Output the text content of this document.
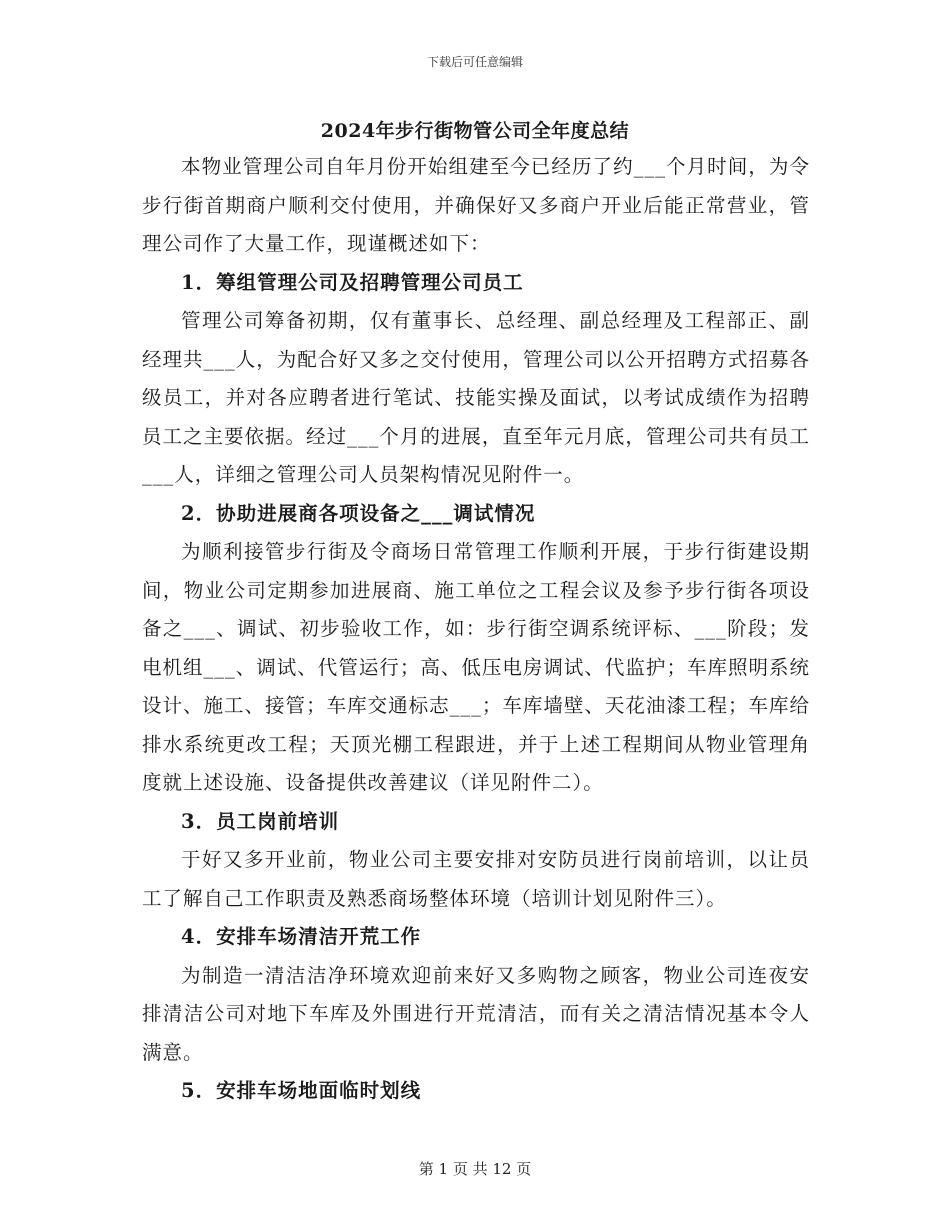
下载后可任意编辑
2024年步行街物管公司全年度总结

本物业管理公司自年月份开始组建至今已经历了约___个月时间，为令步行街首期商户顺利交付使用，并确保好又多商户开业后能正常营业，管理公司作了大量工作，现谨概述如下：

1．筹组管理公司及招聘管理公司员工

管理公司筹备初期，仅有董事长、总经理、副总经理及工程部正、副经理共___人，为配合好又多之交付使用，管理公司以公开招聘方式招募各级员工，并对各应聘者进行笔试、技能实操及面试，以考试成绩作为招聘员工之主要依据。经过___个月的进展，直至年元月底，管理公司共有员工___人，详细之管理公司人员架构情况见附件一。

2．协助进展商各项设备之___调试情况

为顺利接管步行街及令商场日常管理工作顺利开展，于步行街建设期间，物业公司定期参加进展商、施工单位之工程会议及参予步行街各项设备之___、调试、初步验收工作，如：步行街空调系统评标、___阶段；发电机组___、调试、代管运行；高、低压电房调试、代监护；车库照明系统设计、施工、接管；车库交通标志___；车库墙壁、天花油漆工程；车库给排水系统更改工程；天顶光棚工程跟进，并于上述工程期间从物业管理角度就上述设施、设备提供改善建议（详见附件二）。

3．员工岗前培训

于好又多开业前，物业公司主要安排对安防员进行岗前培训，以让员工了解自己工作职责及熟悉商场整体环境（培训计划见附件三）。

4．安排车场清洁开荒工作

为制造一清洁洁净环境欢迎前来好又多购物之顾客，物业公司连夜安排清洁公司对地下车库及外围进行开荒清洁，而有关之清洁情况基本令人满意。

5．安排车场地面临时划线

第 1 页 共 12 页
